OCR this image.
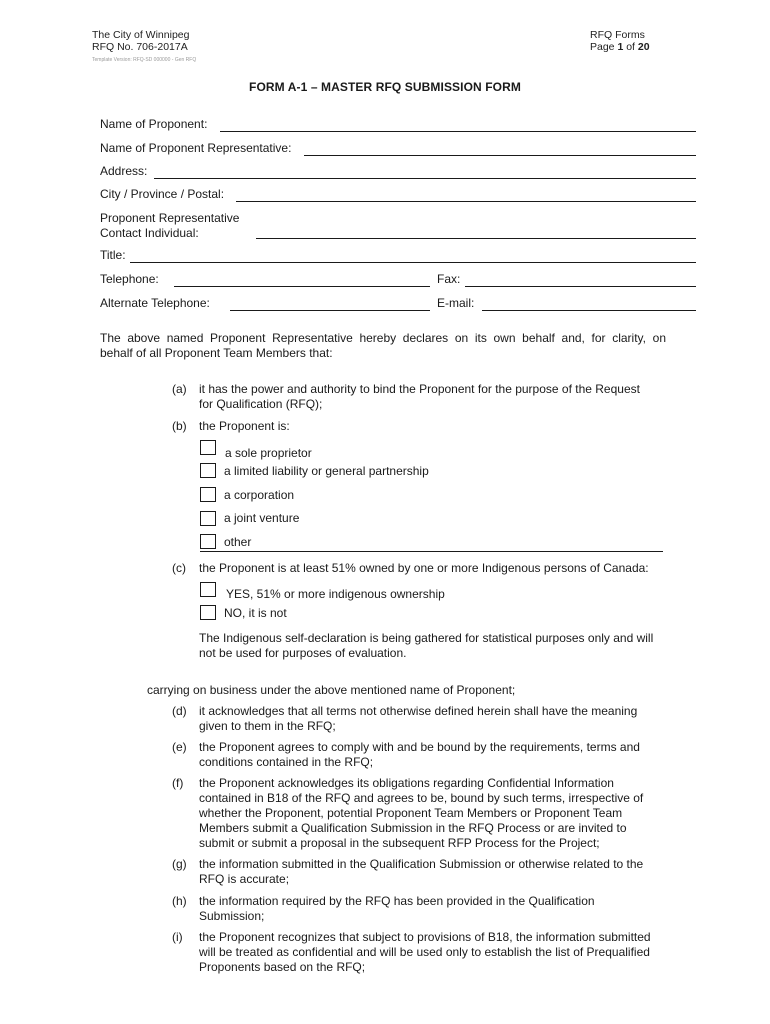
The City of Winnipeg
RFQ No. 706-2017A
Template Version: RFQ-SD 000000 - Gen RFQ
RFQ Forms
Page 1 of 20
FORM A-1 – MASTER RFQ SUBMISSION FORM
Name of Proponent:
Name of Proponent Representative:
Address:
City / Province / Postal:
Proponent Representative
Contact Individual:
Title:
Telephone:	Fax:
Alternate Telephone:	E-mail:
The above named Proponent Representative hereby declares on its own behalf and, for clarity, on
behalf of all Proponent Team Members that:
(a) it has the power and authority to bind the Proponent for the purpose of the Request
for Qualification (RFQ);
(b) the Proponent is:
a sole proprietor
a limited liability or general partnership
a corporation
a joint venture
other
(c) the Proponent is at least 51% owned by one or more Indigenous persons of Canada:
YES, 51% or more indigenous ownership
NO, it is not
The Indigenous self-declaration is being gathered for statistical purposes only and will
not be used for purposes of evaluation.
carrying on business under the above mentioned name of Proponent;
(d) it acknowledges that all terms not otherwise defined herein shall have the meaning
given to them in the RFQ;
(e) the Proponent agrees to comply with and be bound by the requirements, terms and
conditions contained in the RFQ;
(f) the Proponent acknowledges its obligations regarding Confidential Information
contained in B18 of the RFQ and agrees to be, bound by such terms, irrespective of
whether the Proponent, potential Proponent Team Members or Proponent Team
Members submit a Qualification Submission in the RFQ Process or are invited to
submit or submit a proposal in the subsequent RFP Process for the Project;
(g) the information submitted in the Qualification Submission or otherwise related to the
RFQ is accurate;
(h) the information required by the RFQ has been provided in the Qualification
Submission;
(i) the Proponent recognizes that subject to provisions of B18, the information submitted
will be treated as confidential and will be used only to establish the list of Prequalified
Proponents based on the RFQ;
